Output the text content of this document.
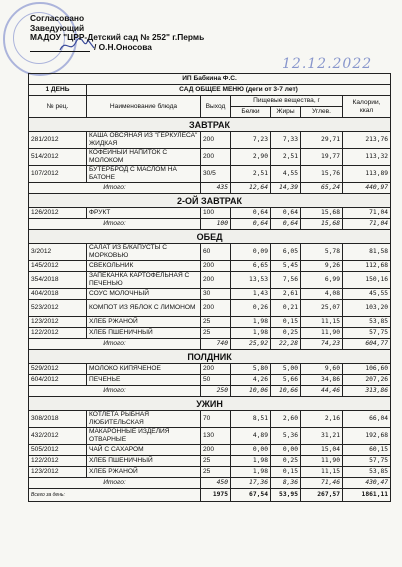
Согласовано
Заведующий
МАДОУ "ЦРР-Детский сад № 252" г.Пермь
/ О.Н.Оносова
12.12.2022
ИП Бабкина Ф.С.						
1 ДЕНЬ	САД ОБЩЕЕ МЕНЮ (деги от 3-7 лет)					
№ рец.	Наименование блюда	Выход	Пищевые вещества, г			Калории, ккал
			Белки	Жиры	Углев.	
ЗАВТРАК						
281/2012	КАША ОВСЯНАЯ ИЗ "ГЕРКУЛЕСА" ЖИДКАЯ	200	7,23	7,33	29,71	213,76
514/2012	КОФЕЙНЫЙ НАПИТОК С МОЛОКОМ	200	2,90	2,51	19,77	113,32
107/2012	БУТЕРБРОД С МАСЛОМ НА БАТОНЕ	30/5	2,51	4,55	15,76	113,89
Итого:		435	12,64	14,39	65,24	440,97
2-ОЙ ЗАВТРАК						
126/2012	ФРУКТ	100	0,64	0,64	15,68	71,04
Итого:		100	0,64	0,64	15,68	71,04
ОБЕД						
3/2012	САЛАТ ИЗ Б/КАПУСТЫ С МОРКОВЬЮ	60	0,09	6,05	5,78	81,58
145/2012	СВЕКОЛЬНИК	200	6,65	5,45	9,26	112,68
354/2018	ЗАПЕКАНКА КАРТОФЕЛЬНАЯ С ПЕЧЕНЬЮ	200	13,53	7,56	6,99	150,16
404/2018	СОУС МОЛОЧНЫЙ	30	1,43	2,61	4,08	45,55
523/2012	КОМПОТ ИЗ ЯБЛОК С ЛИМОНОМ	200	0,26	0,21	25,07	103,20
123/2012	ХЛЕБ РЖАНОЙ	25	1,98	0,15	11,15	53,85
122/2012	ХЛЕБ ПШЕНИЧНЫЙ	25	1,98	0,25	11,90	57,75
Итого:		740	25,92	22,28	74,23	604,77
ПОЛДНИК						
529/2012	МОЛОКО КИПЯЧЕНОЕ	200	5,80	5,00	9,60	106,60
604/2012	ПЕЧЕНЬЕ	50	4,26	5,66	34,86	207,26
Итого:		250	10,06	10,66	44,46	313,86
УЖИН						
308/2018	КОТЛЕТА РЫБНАЯ ЛЮБИТЕЛЬСКАЯ	70	8,51	2,60	2,16	66,04
432/2012	МАКАРОННЫЕ ИЗДЕЛИЯ ОТВАРНЫЕ	130	4,89	5,36	31,21	192,68
505/2012	ЧАЙ С САХАРОМ	200	0,00	0,00	15,04	60,15
122/2012	ХЛЕБ ПШЕНИЧНЫЙ	25	1,98	0,25	11,90	57,75
123/2012	ХЛЕБ РЖАНОЙ	25	1,98	0,15	11,15	53,85
Итого:		450	17,36	8,36	71,46	430,47
Всего за день:		1975	67,54	53,95	267,57	1861,11
